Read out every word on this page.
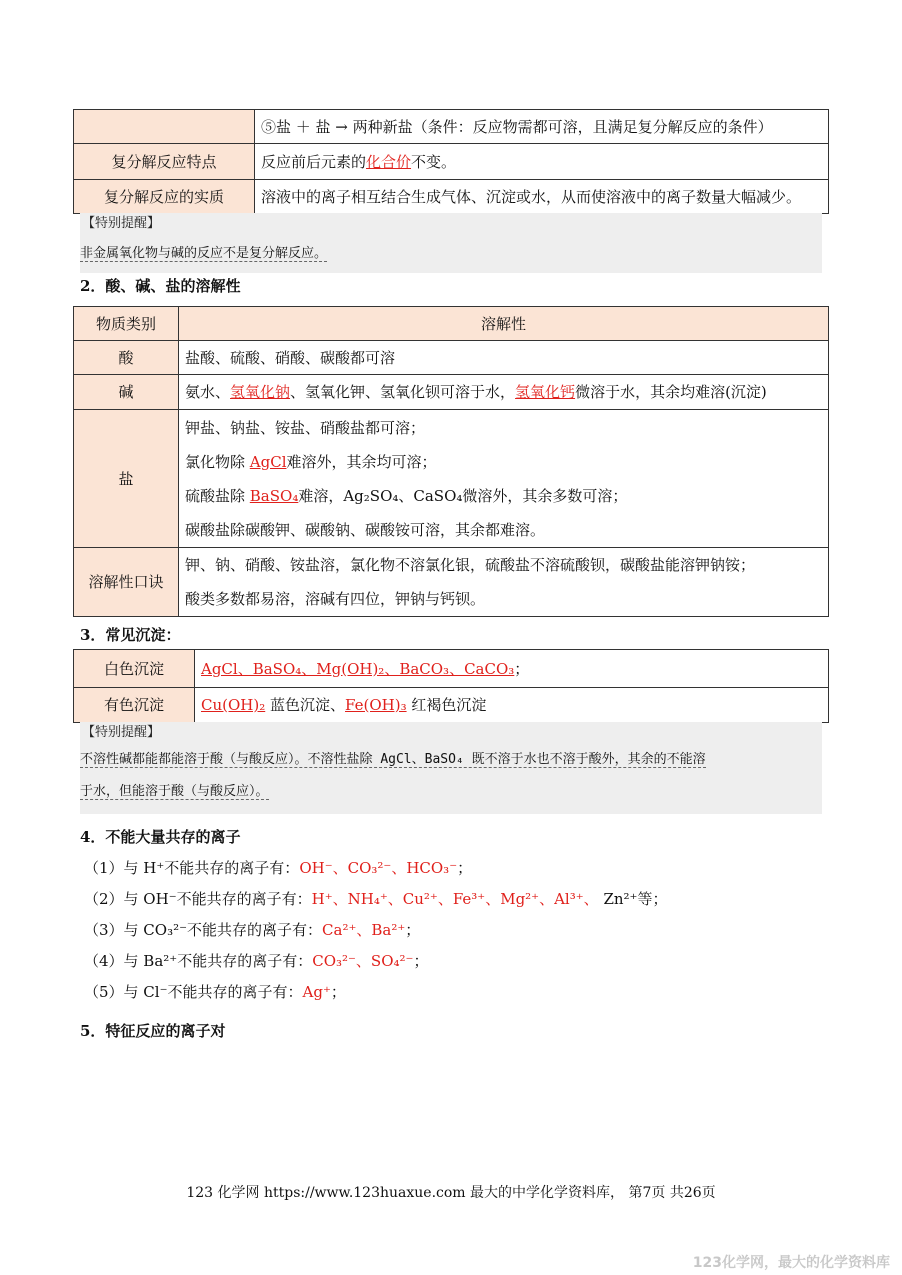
	⑤盐 ＋ 盐 → 两种新盐（条件：反应物需都可溶，且满足复分解反应的条件）
复分解反应特点	反应前后元素的化合价不变。
复分解反应的实质	溶液中的离子相互结合生成气体、沉淀或水，从而使溶液中的离子数量大幅减少。
【特别提醒】
非金属氧化物与碱的反应不是复分解反应。
2．酸、碱、盐的溶解性
物质类别	溶解性
酸	盐酸、硫酸、硝酸、碳酸都可溶
碱	氨水、氢氧化钠、氢氧化钾、氢氧化钡可溶于水，氢氧化钙微溶于水，其余均难溶(沉淀)
盐	钾盐、钠盐、铵盐、硝酸盐都可溶；
氯化物除 AgCl难溶外，其余均可溶；
硫酸盐除 BaSO₄难溶，Ag₂SO₄、CaSO₄微溶外，其余多数可溶；
碳酸盐除碳酸钾、碳酸钠、碳酸铵可溶，其余都难溶。

溶解性口诀	钾、钠、硝酸、铵盐溶，氯化物不溶氯化银，硫酸盐不溶硫酸钡，碳酸盐能溶钾钠铵；
酸类多数都易溶，溶碱有四位，钾钠与钙钡。
3．常见沉淀：
白色沉淀	AgCl、BaSO₄、Mg(OH)₂、BaCO₃、CaCO₃；
有色沉淀	Cu(OH)₂ 蓝色沉淀、Fe(OH)₃ 红褐色沉淀
【特别提醒】
不溶性碱都能都能溶于酸（与酸反应）。不溶性盐除 AgCl、BaSO₄ 既不溶于水也不溶于酸外，其余的不能溶
于水，但能溶于酸（与酸反应）。
4．不能大量共存的离子
（1）与 H⁺不能共存的离子有：OH⁻、CO₃²⁻、HCO₃⁻；
（2）与 OH⁻不能共存的离子有：H⁺、NH₄⁺、Cu²⁺、Fe³⁺、Mg²⁺、Al³⁺、 Zn²⁺等；
（3）与 CO₃²⁻不能共存的离子有：Ca²⁺、Ba²⁺；
（4）与 Ba²⁺不能共存的离子有：CO₃²⁻、SO₄²⁻；
（5）与 Cl⁻不能共存的离子有：Ag⁺；
5．特征反应的离子对
123 化学网 https://www.123huaxue.com 最大的中学化学资料库， 第7页 共26页
123化学网，最大的化学资料库
